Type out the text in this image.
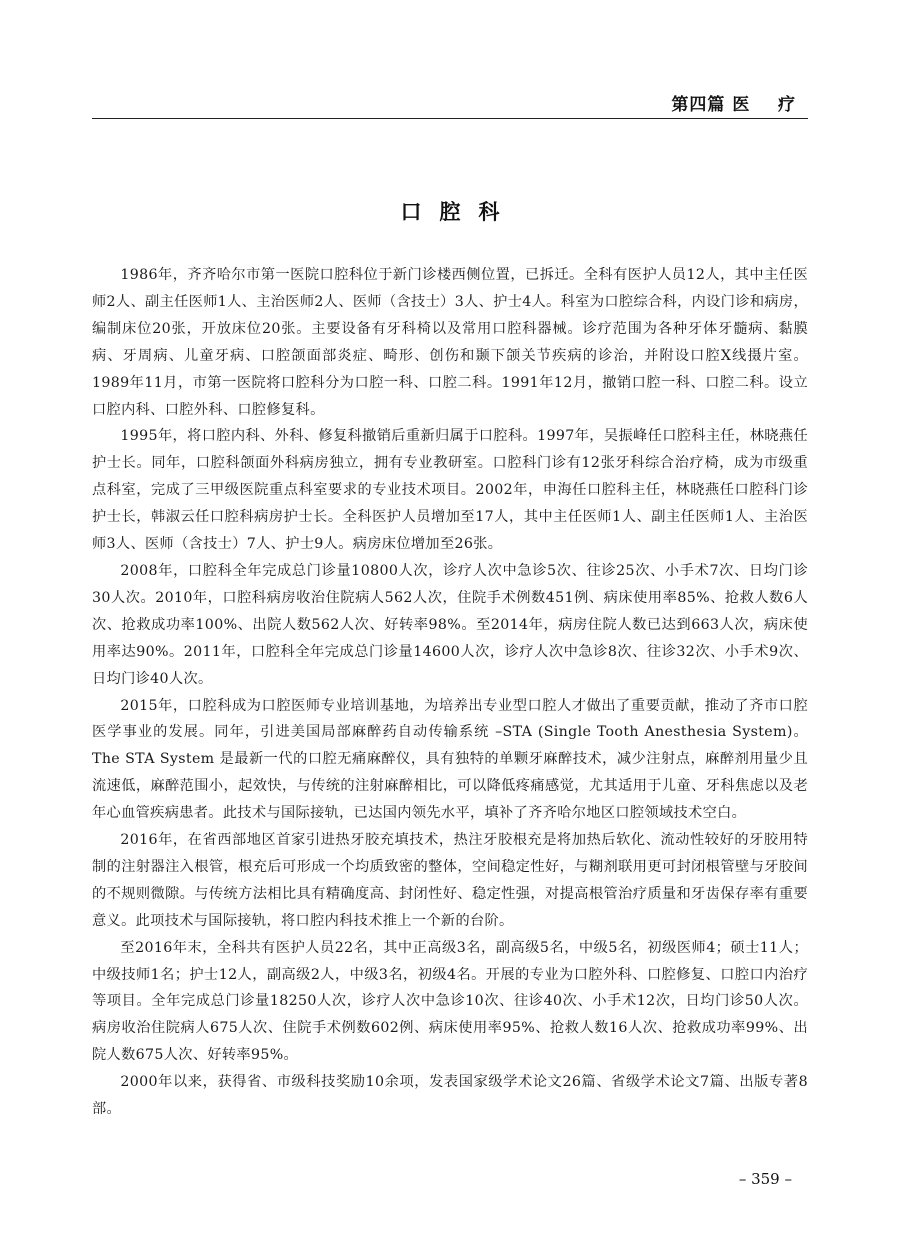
第四篇 医    疗
口腔科

1986年，齐齐哈尔市第一医院口腔科位于新门诊楼西侧位置，已拆迁。全科有医护人员12人，其中主任医师2人、副主任医师1人、主治医师2人、医师（含技士）3人、护士4人。科室为口腔综合科，内设门诊和病房，编制床位20张，开放床位20张。主要设备有牙科椅以及常用口腔科器械。诊疗范围为各种牙体牙髓病、黏膜病、牙周病、儿童牙病、口腔颌面部炎症、畸形、创伤和颞下颌关节疾病的诊治，并附设口腔X线摄片室。1989年11月，市第一医院将口腔科分为口腔一科、口腔二科。1991年12月，撤销口腔一科、口腔二科。设立口腔内科、口腔外科、口腔修复科。

1995年，将口腔内科、外科、修复科撤销后重新归属于口腔科。1997年，吴振峰任口腔科主任，林晓燕任护士长。同年，口腔科颌面外科病房独立，拥有专业教研室。口腔科门诊有12张牙科综合治疗椅，成为市级重点科室，完成了三甲级医院重点科室要求的专业技术项目。2002年，申海任口腔科主任，林晓燕任口腔科门诊护士长，韩淑云任口腔科病房护士长。全科医护人员增加至17人，其中主任医师1人、副主任医师1人、主治医师3人、医师（含技士）7人、护士9人。病房床位增加至26张。

2008年，口腔科全年完成总门诊量10800人次，诊疗人次中急诊5次、往诊25次、小手术7次、日均门诊30人次。2010年，口腔科病房收治住院病人562人次，住院手术例数451例、病床使用率85%、抢救人数6人次、抢救成功率100%、出院人数562人次、好转率98%。至2014年，病房住院人数已达到663人次，病床使用率达90%。2011年，口腔科全年完成总门诊量14600人次，诊疗人次中急诊8次、往诊32次、小手术9次、日均门诊40人次。

2015年，口腔科成为口腔医师专业培训基地，为培养出专业型口腔人才做出了重要贡献，推动了齐市口腔医学事业的发展。同年，引进美国局部麻醉药自动传输系统 –STA (Single Tooth Anesthesia System)。The STA System 是最新一代的口腔无痛麻醉仪，具有独特的单颗牙麻醉技术，减少注射点，麻醉剂用量少且流速低，麻醉范围小，起效快，与传统的注射麻醉相比，可以降低疼痛感觉，尤其适用于儿童、牙科焦虑以及老年心血管疾病患者。此技术与国际接轨，已达国内领先水平，填补了齐齐哈尔地区口腔领域技术空白。

2016年，在省西部地区首家引进热牙胶充填技术，热注牙胶根充是将加热后软化、流动性较好的牙胶用特制的注射器注入根管，根充后可形成一个均质致密的整体，空间稳定性好，与糊剂联用更可封闭根管壁与牙胶间的不规则微隙。与传统方法相比具有精确度高、封闭性好、稳定性强，对提高根管治疗质量和牙齿保存率有重要意义。此项技术与国际接轨，将口腔内科技术推上一个新的台阶。

至2016年末，全科共有医护人员22名，其中正高级3名，副高级5名，中级5名，初级医师4；硕士11人；中级技师1名；护士12人，副高级2人，中级3名，初级4名。开展的专业为口腔外科、口腔修复、口腔口内治疗等项目。全年完成总门诊量18250人次，诊疗人次中急诊10次、往诊40次、小手术12次，日均门诊50人次。病房收治住院病人675人次、住院手术例数602例、病床使用率95%、抢救人数16人次、抢救成功率99%、出院人数675人次、好转率95%。

2000年以来，获得省、市级科技奖励10余项，发表国家级学术论文26篇、省级学术论文7篇、出版专著8部。

– 359 –
